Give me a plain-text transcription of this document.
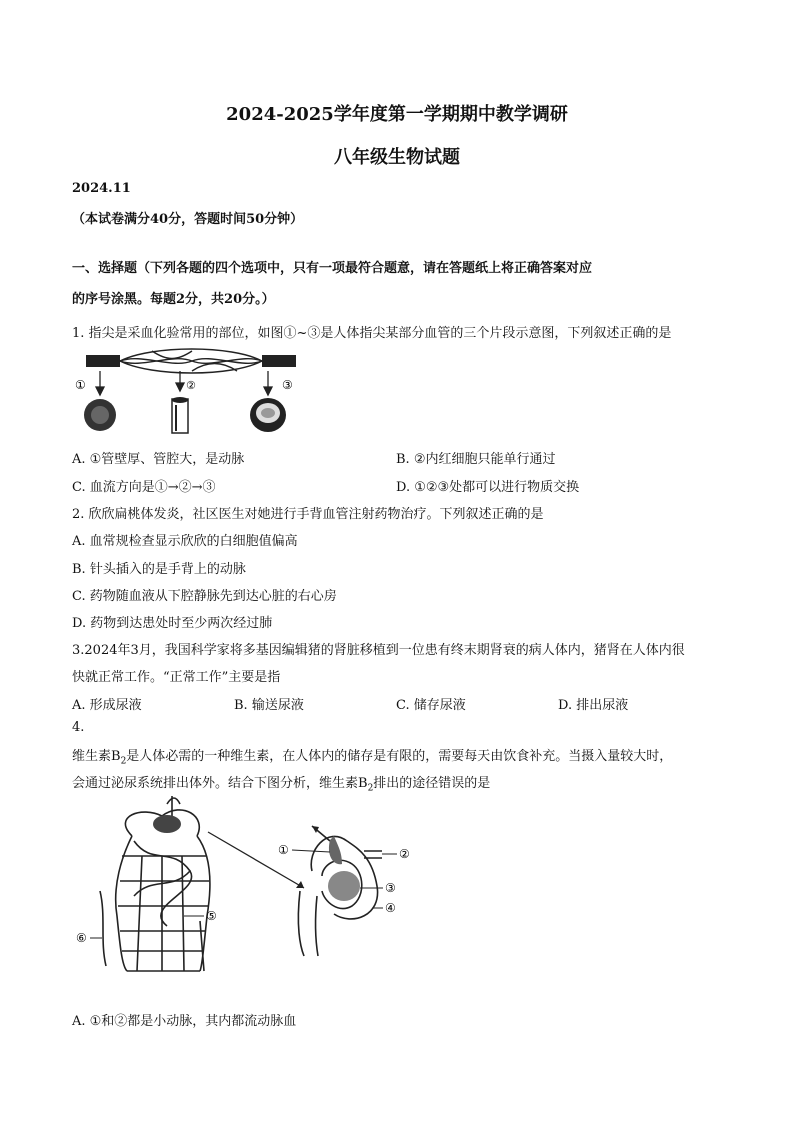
2024-2025学年度第一学期期中教学调研
八年级生物试题
2024.11
（本试卷满分40分，答题时间50分钟）
一、选择题（下列各题的四个选项中，只有一项最符合题意，请在答题纸上将正确答案对应
的序号涂黑。每题2分，共20分。）
1. 指尖是采血化验常用的部位，如图①~③是人体指尖某部分血管的三个片段示意图，下列叙述正确的是
①	②	③
A. ①管壁厚、管腔大，是动脉	B. ②内红细胞只能单行通过
C. 血流方向是①→②→③	D. ①②③处都可以进行物质交换
2. 欣欣扁桃体发炎，社区医生对她进行手背血管注射药物治疗。下列叙述正确的是
A. 血常规检查显示欣欣的白细胞值偏高
B. 针头插入的是手背上的动脉
C. 药物随血液从下腔静脉先到达心脏的右心房
D. 药物到达患处时至少两次经过肺
3.2024年3月，我国科学家将多基因编辑猪的肾脏移植到一位患有终末期肾衰的病人体内，猪肾在人体内很
快就正常工作。“正常工作”主要是指
A. 形成尿液	B. 输送尿液	C. 储存尿液	D. 排出尿液
4.
维生素$B_2$是人体必需的一种维生素，在人体内的储存是有限的，需要每天由饮食补充。当摄入量较大时，
会通过泌尿系统排出体外。结合下图分析，维生素$B_2$排出的途径错误的是
⑤
⑥
①	②
③
④
A. ①和②都是小动脉，其内都流动脉血
